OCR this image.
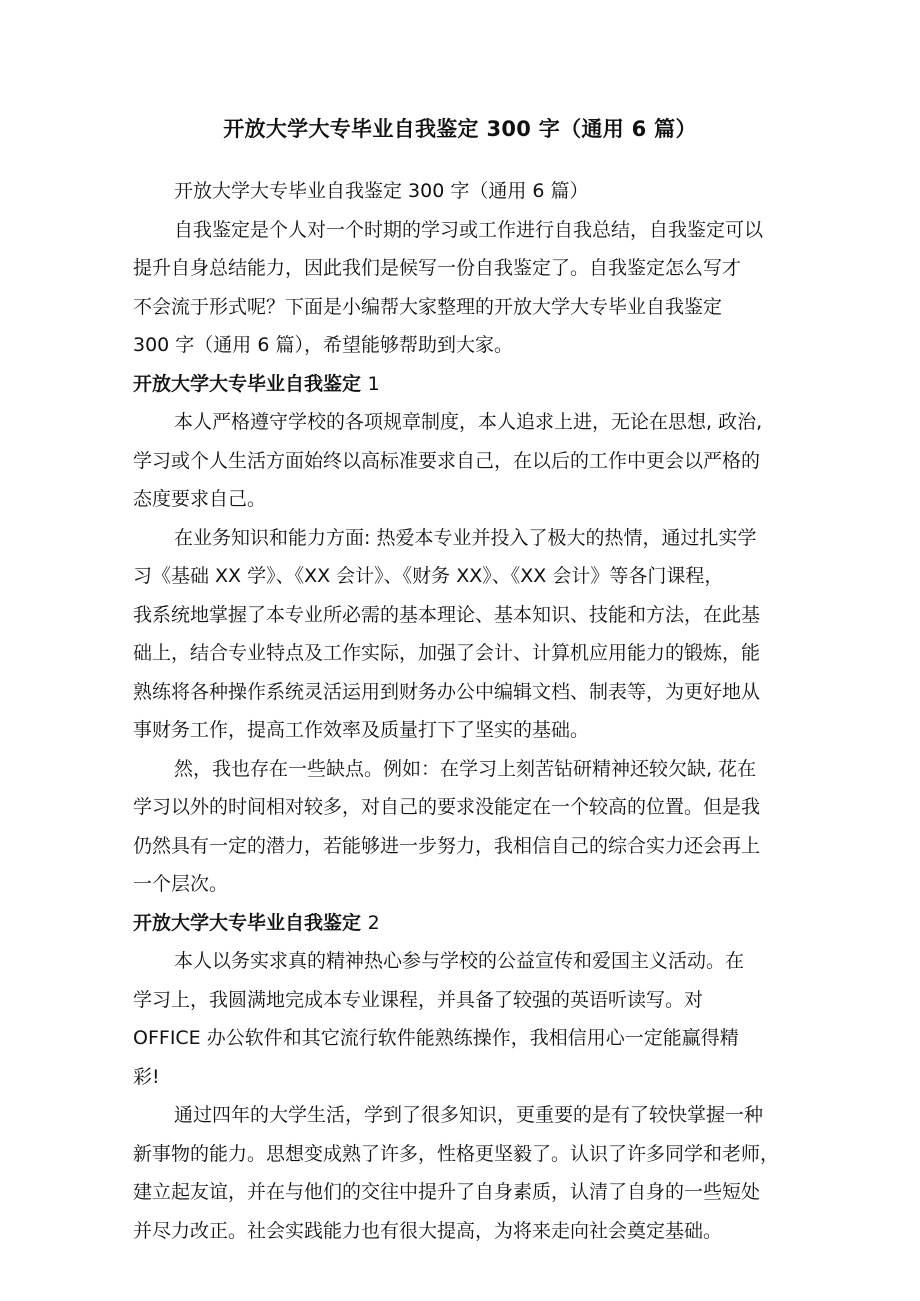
开放大学大专毕业自我鉴定 300 字（通用 6 篇）
开放大学大专毕业自我鉴定 300 字（通用 6 篇）
自我鉴定是个人对一个时期的学习或工作进行自我总结，自我鉴定可以
提升自身总结能力，因此我们是候写一份自我鉴定了。自我鉴定怎么写才
不会流于形式呢？下面是小编帮大家整理的开放大学大专毕业自我鉴定
300 字（通用 6 篇），希望能够帮助到大家。
开放大学大专毕业自我鉴定 1
本人严格遵守学校的各项规章制度，本人追求上进，无论在思想, 政治,
学习或个人生活方面始终以高标准要求自己，在以后的工作中更会以严格的
态度要求自己。
在业务知识和能力方面: 热爱本专业并投入了极大的热情，通过扎实学
习《基础 XX 学》、《XX 会计》、《财务 XX》、《XX 会计》等各门课程，
我系统地掌握了本专业所必需的基本理论、基本知识、技能和方法，在此基
础上，结合专业特点及工作实际，加强了会计、计算机应用能力的锻炼，能
熟练将各种操作系统灵活运用到财务办公中编辑文档、制表等，为更好地从
事财务工作，提高工作效率及质量打下了坚实的基础。
然，我也存在一些缺点。例如：在学习上刻苦钻研精神还较欠缺, 花在
学习以外的时间相对较多，对自己的要求没能定在一个较高的位置。但是我
仍然具有一定的潜力，若能够进一步努力，我相信自己的综合实力还会再上
一个层次。
开放大学大专毕业自我鉴定 2
本人以务实求真的精神热心参与学校的公益宣传和爱国主义活动。在
学习上，我圆满地完成本专业课程，并具备了较强的英语听读写。对
OFFICE 办公软件和其它流行软件能熟练操作，我相信用心一定能赢得精
彩!
通过四年的大学生活，学到了很多知识，更重要的是有了较快掌握一种
新事物的能力。思想变成熟了许多，性格更坚毅了。认识了许多同学和老师，
建立起友谊，并在与他们的交往中提升了自身素质，认清了自身的一些短处
并尽力改正。社会实践能力也有很大提高，为将来走向社会奠定基础。
